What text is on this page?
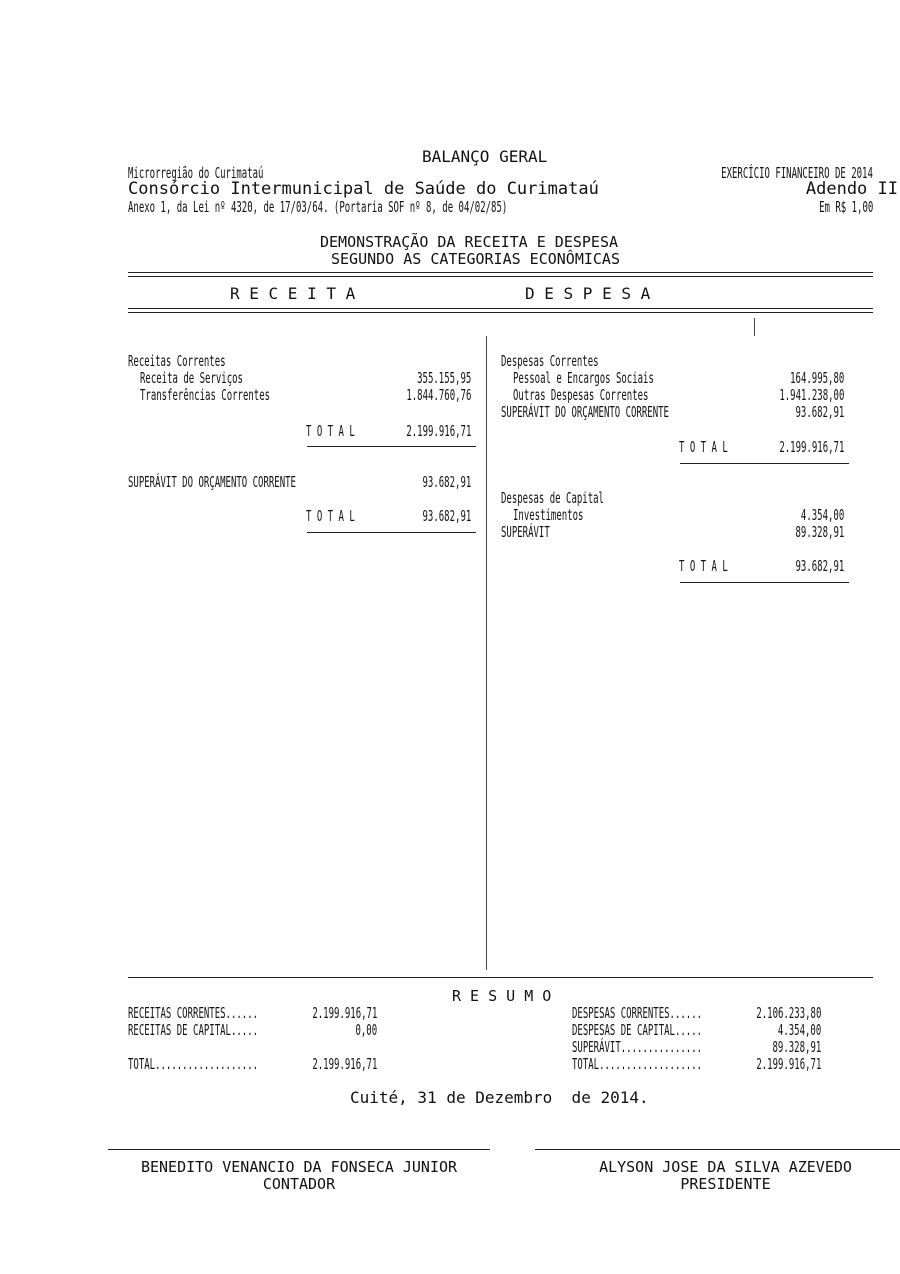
BALANÇO GERAL
Microrregião do Curimataú
Consórcio Intermunicipal de Saúde do Curimataú
Anexo 1, da Lei nº 4320, de 17/03/64. (Portaria SOF nº 8, de 04/02/85)
EXERCÍCIO FINANCEIRO DE 2014
Adendo II
Em R$ 1,00
DEMONSTRAÇÃO DA RECEITA E DESPESA
SEGUNDO AS CATEGORIAS ECONÔMICAS
R E C E I T A	D E S P E S A
Receitas Correntes
Receita de Serviços	355.155,95
Transferências Correntes	1.844.760,76
T O T A L	2.199.916,71
SUPERÁVIT DO ORÇAMENTO CORRENTE	93.682,91
T O T A L	93.682,91
Despesas Correntes
Pessoal e Encargos Sociais	164.995,80
Outras Despesas Correntes	1.941.238,00
SUPERÁVIT DO ORÇAMENTO CORRENTE	93.682,91
T O T A L	2.199.916,71
Despesas de Capital
Investimentos	4.354,00
SUPERÁVIT	89.328,91
T O T A L	93.682,91
R E S U M O
RECEITAS CORRENTES......	2.199.916,71
RECEITAS DE CAPITAL.....	0,00
TOTAL...................	2.199.916,71
DESPESAS CORRENTES......	2.106.233,80
DESPESAS DE CAPITAL.....	4.354,00
SUPERÁVIT...............	89.328,91
TOTAL...................	2.199.916,71
Cuité, 31 de Dezembro  de 2014.
BENEDITO VENANCIO DA FONSECA JUNIOR
CONTADOR
ALYSON JOSE DA SILVA AZEVEDO
PRESIDENTE
